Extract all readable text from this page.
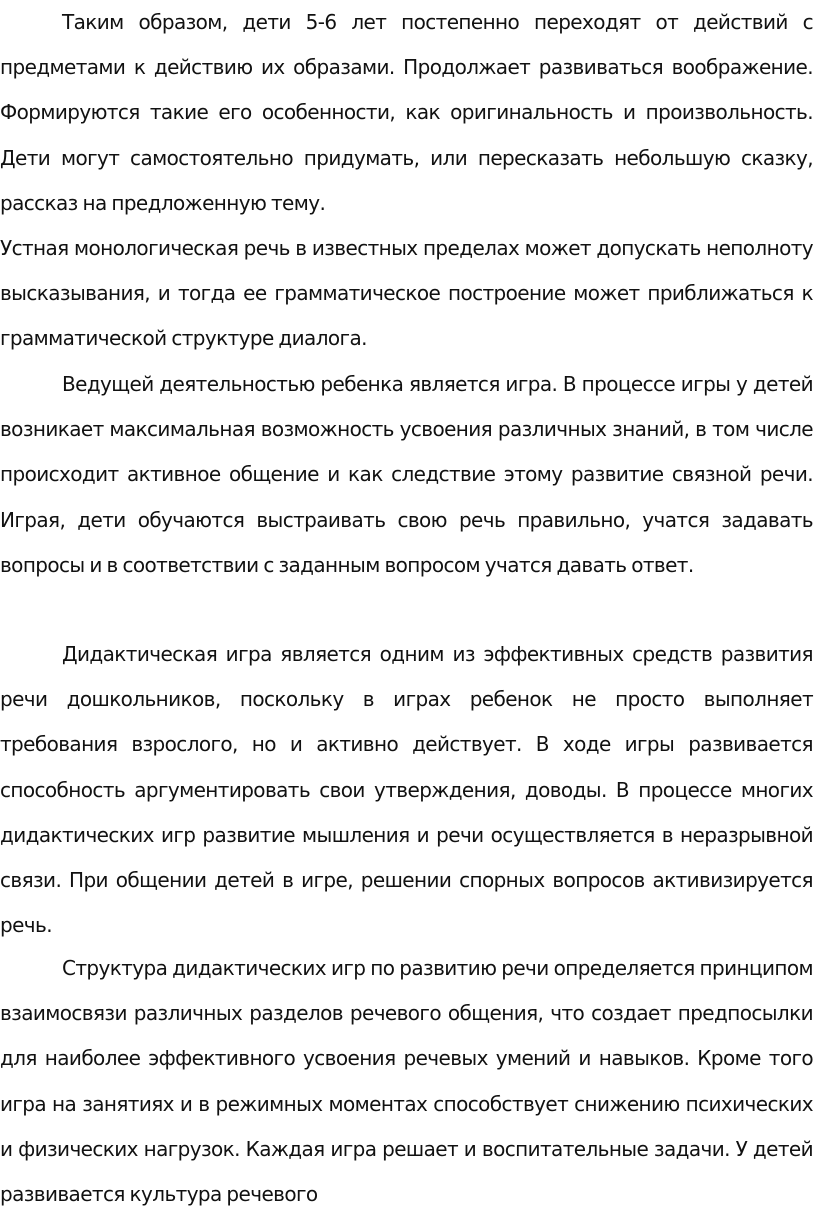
Таким образом, дети 5-6 лет постепенно переходят от действий с предметами к действию их образами. Продолжает развиваться воображение. Формируются такие его особенности, как оригинальность и произвольность. Дети могут самостоятельно придумать, или пересказать небольшую сказку, рассказ на предложенную тему.

Устная монологическая речь в известных пределах может допускать неполноту высказывания, и тогда ее грамматическое построение может приближаться к грамматической структуре диалога.

Ведущей деятельностью ребенка является игра. В процессе игры у детей возникает максимальная возможность усвоения различных знаний, в том числе происходит активное общение и как следствие этому развитие связной речи. Играя, дети обучаются выстраивать свою речь правильно, учатся задавать вопросы и в соответствии с заданным вопросом учатся давать ответ.

Дидактическая игра является одним из эффективных средств развития речи дошкольников, поскольку в играх ребенок не просто выполняет требования взрослого, но и активно действует. В ходе игры развивается способность аргументировать свои утверждения, доводы. В процессе многих дидактических игр развитие мышления и речи осуществляется в неразрывной связи. При общении детей в игре, решении спорных вопросов активизируется речь.

Структура дидактических игр по развитию речи определяется принципом взаимосвязи различных разделов речевого общения, что создает предпосылки для наиболее эффективного усвоения речевых умений и навыков. Кроме того игра на занятиях и в режимных моментах способствует снижению психических и физических нагрузок. Каждая игра решает и воспитательные задачи. У детей развивается культура речевого
